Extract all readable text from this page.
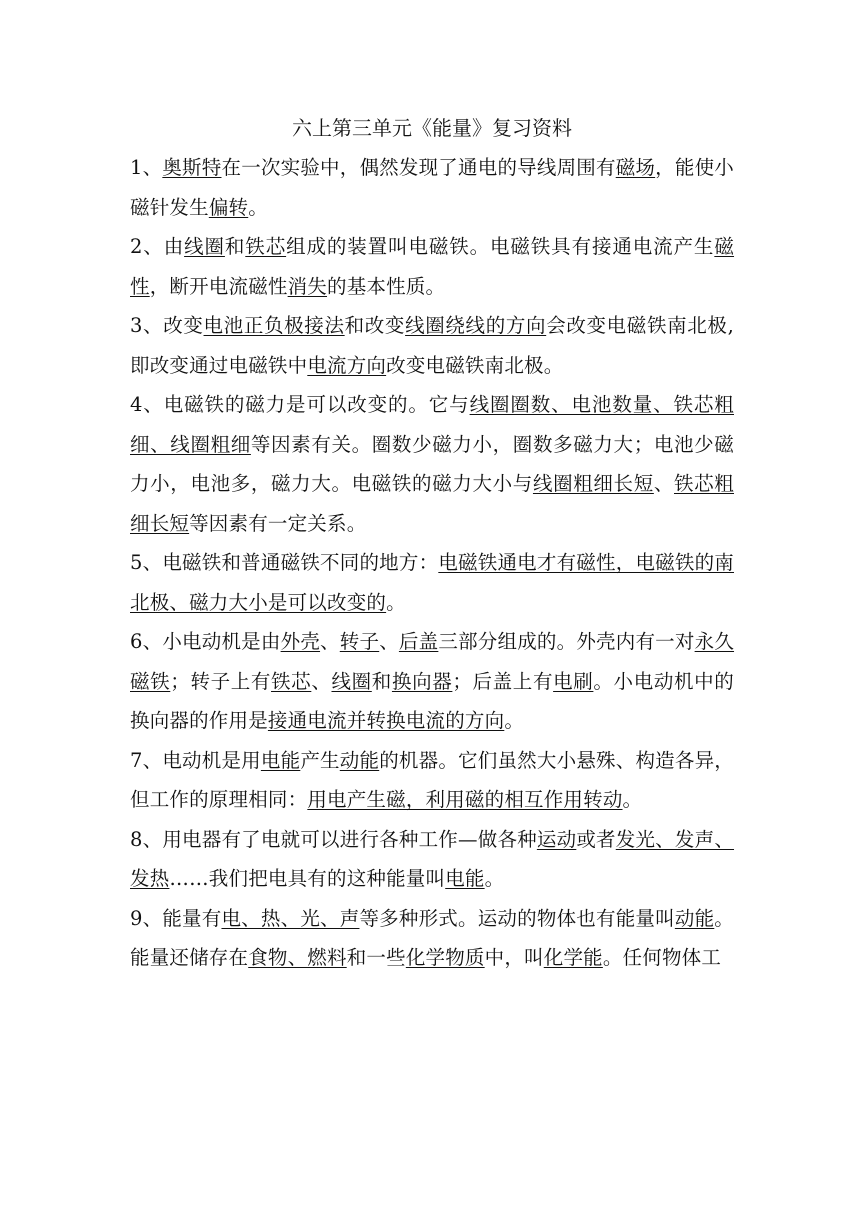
六上第三单元《能量》复习资料

1、奥斯特在一次实验中，偶然发现了通电的导线周围有磁场，能使小磁针发生偏转。

2、由线圈和铁芯组成的装置叫电磁铁。电磁铁具有接通电流产生磁性，断开电流磁性消失的基本性质。

3、改变电池正负极接法和改变线圈绕线的方向会改变电磁铁南北极,即改变通过电磁铁中电流方向改变电磁铁南北极。

4、电磁铁的磁力是可以改变的。它与线圈圈数、电池数量、铁芯粗细、线圈粗细等因素有关。圈数少磁力小，圈数多磁力大；电池少磁力小，电池多，磁力大。电磁铁的磁力大小与线圈粗细长短、铁芯粗细长短等因素有一定关系。

5、电磁铁和普通磁铁不同的地方：电磁铁通电才有磁性，电磁铁的南北极、磁力大小是可以改变的。

6、小电动机是由外壳、转子、后盖三部分组成的。外壳内有一对永久磁铁；转子上有铁芯、线圈和换向器；后盖上有电刷。小电动机中的换向器的作用是接通电流并转换电流的方向。

7、电动机是用电能产生动能的机器。它们虽然大小悬殊、构造各异，但工作的原理相同：用电产生磁，利用磁的相互作用转动。

8、用电器有了电就可以进行各种工作—做各种运动或者发光、发声、发热……我们把电具有的这种能量叫电能。

9、能量有电、热、光、声等多种形式。运动的物体也有能量叫动能。能量还储存在食物、燃料和一些化学物质中，叫化学能。任何物体工
